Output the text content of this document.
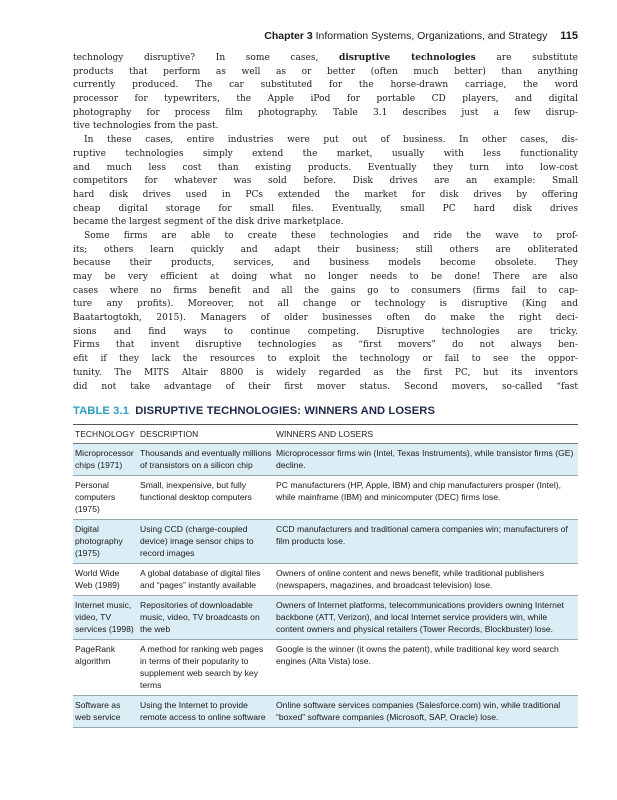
Chapter 3 Information Systems, Organizations, and Strategy 115

technology disruptive? In some cases, disruptive technologies are substitute
products that perform as well as or better (often much better) than anything
currently produced. The car substituted for the horse-drawn carriage, the word
processor for typewriters, the Apple iPod for portable CD players, and digital
photography for process film photography. Table 3.1 describes just a few disrup-
tive technologies from the past.

In these cases, entire industries were put out of business. In other cases, dis-
ruptive technologies simply extend the market, usually with less functionality
and much less cost than existing products. Eventually they turn into low-cost
competitors for whatever was sold before. Disk drives are an example: Small
hard disk drives used in PCs extended the market for disk drives by offering
cheap digital storage for small files. Eventually, small PC hard disk drives
became the largest segment of the disk drive marketplace.

Some firms are able to create these technologies and ride the wave to prof-
its; others learn quickly and adapt their business; still others are obliterated
because their products, services, and business models become obsolete. They
may be very efficient at doing what no longer needs to be done! There are also
cases where no firms benefit and all the gains go to consumers (firms fail to cap-
ture any profits). Moreover, not all change or technology is disruptive (King and
Baatartogtokh, 2015). Managers of older businesses often do make the right deci-
sions and find ways to continue competing. Disruptive technologies are tricky.
Firms that invent disruptive technologies as “first movers” do not always ben-
efit if they lack the resources to exploit the technology or fail to see the oppor-
tunity. The MITS Altair 8800 is widely regarded as the first PC, but its inventors
did not take advantage of their first mover status. Second movers, so-called “fast

TABLE 3.1 DISRUPTIVE TECHNOLOGIES: WINNERS AND LOSERS
TECHNOLOGY	DESCRIPTION	WINNERS AND LOSERS
Microprocessor chips (1971)	Thousands and eventually millions of transistors on a silicon chip	Microprocessor firms win (Intel, Texas Instruments), while transistor firms (GE) decline.
Personal computers (1975)	Small, inexpensive, but fully functional desktop computers	PC manufacturers (HP, Apple, IBM) and chip manufacturers prosper (Intel), while mainframe (IBM) and minicomputer (DEC) firms lose.
Digital photography (1975)	Using CCD (charge-coupled device) image sensor chips to record images	CCD manufacturers and traditional camera companies win; manufacturers of film products lose.
World Wide Web (1989)	A global database of digital files and “pages” instantly available	Owners of online content and news benefit, while traditional publishers (newspapers, magazines, and broadcast television) lose.
Internet music, video, TV services (1998)	Repositories of downloadable music, video, TV broadcasts on the web	Owners of Internet platforms, telecommunications providers owning Internet backbone (ATT, Verizon), and local Internet service providers win, while content owners and physical retailers (Tower Records, Blockbuster) lose.
PageRank algorithm	A method for ranking web pages in terms of their popularity to supplement web search by key terms	Google is the winner (it owns the patent), while traditional key word search engines (Alta Vista) lose.
Software as web service	Using the Internet to provide remote access to online software	Online software services companies (Salesforce.com) win, while traditional “boxed” software companies (Microsoft, SAP, Oracle) lose.
